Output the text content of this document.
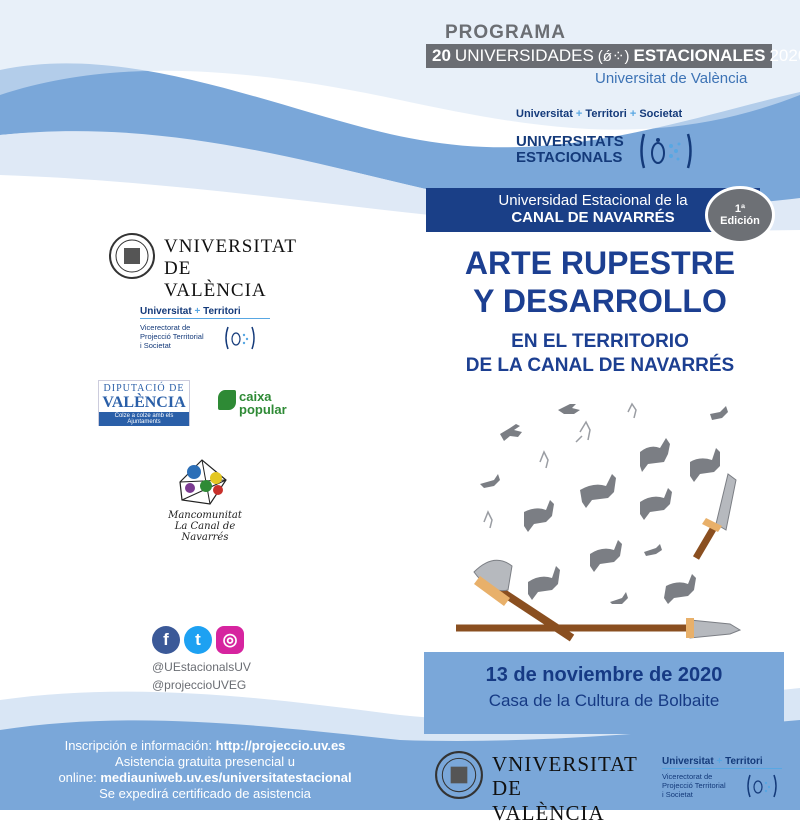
PROGRAMA
20 UNIVERSIDADES (ǿ⁘) ESTACIONALES 2020
Universitat de València
Universitat + Territori + Societat
UNIVERSITATS
ESTACIONALS
Universidad Estacional de la
CANAL DE NAVARRÉS	1ª
Edición
ARTE RUPESTRE
Y DESARROLLO
EN EL TERRITORIO
DE LA CANAL DE NAVARRÉS
13 de noviembre de 2020
Casa de la Cultura de Bolbaite
VNIVERSITAT
DE VALÈNCIA
Universitat + Territori
Vicerectorat de
Projecció Territorial
i Societat
DIPUTACIÓ DE
VALÈNCIA
Colze a colze amb els Ajuntaments
caixa
popular
Mancomunitat
La Canal de Navarrés
f	t	◎
@UEstacionalsUV
@projeccioUVEG
Inscripción e información: http://projeccio.uv.es
Asistencia gratuita presencial u
online: mediauniweb.uv.es/universitatestacional
Se expedirá certificado de asistencia
VNIVERSITAT
DE VALÈNCIA
Universitat + Territori
Vicerectorat de
Projecció Territorial
i Societat
